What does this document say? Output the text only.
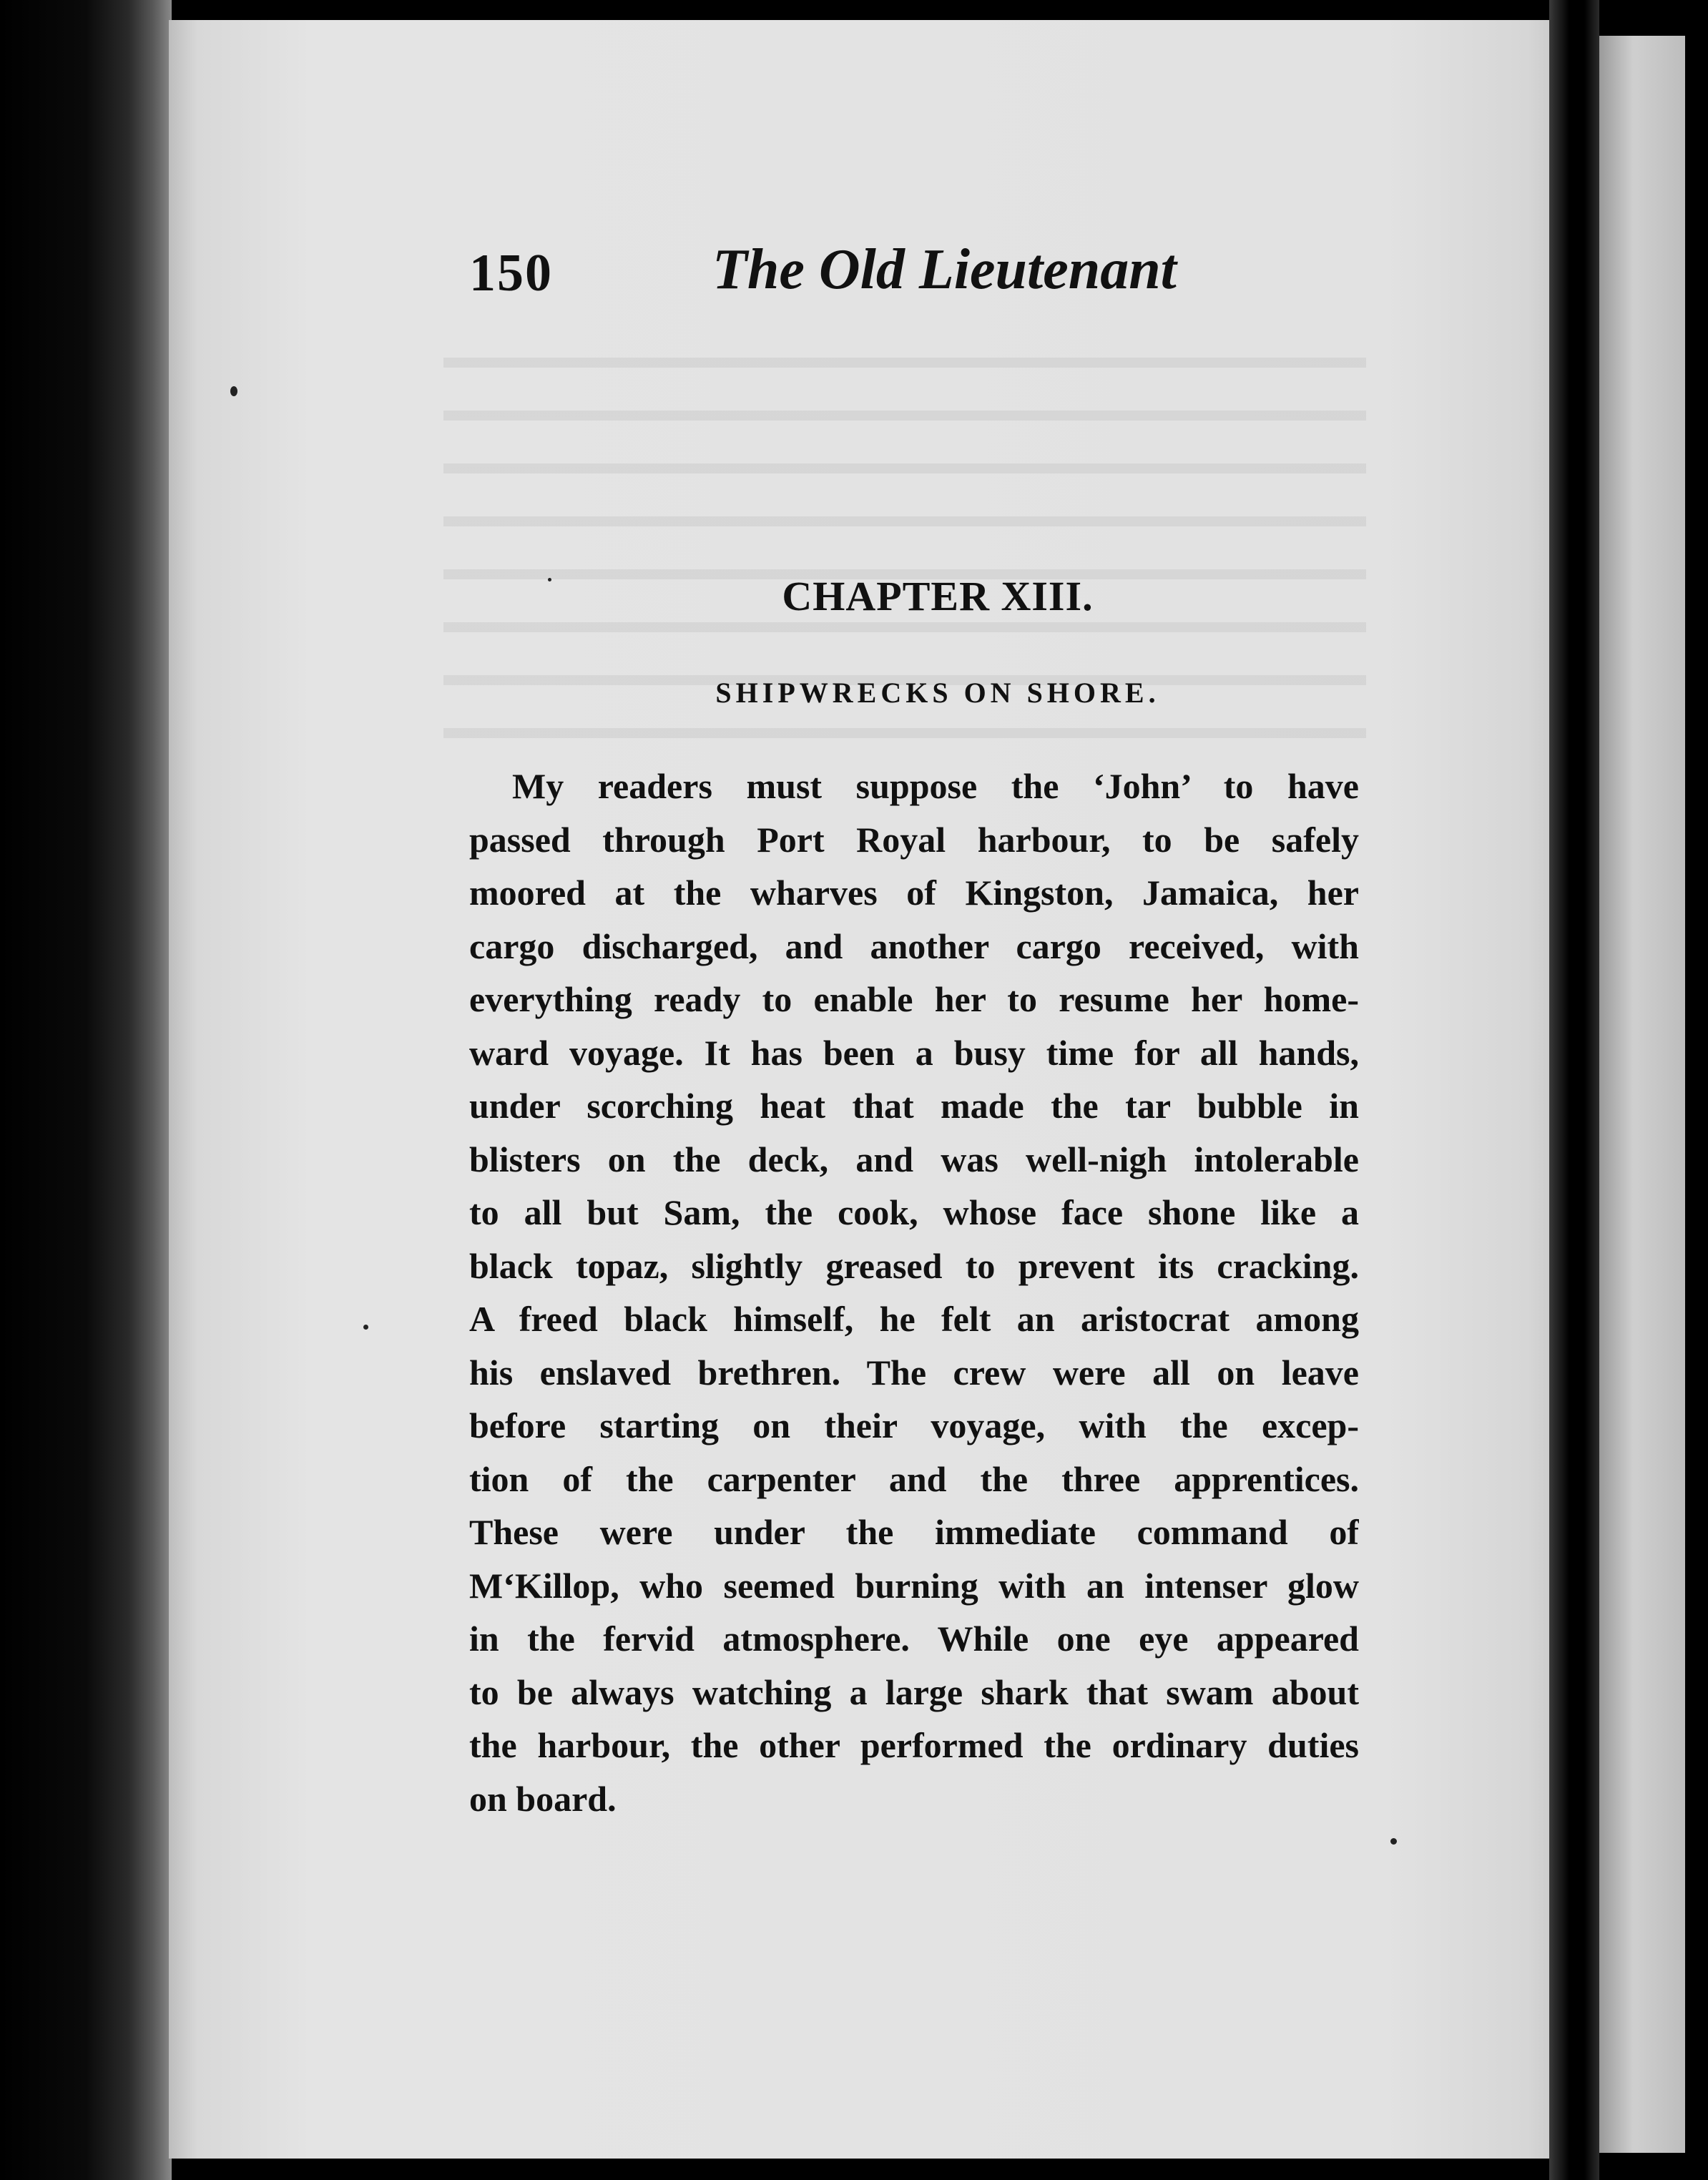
150	The Old Lieutenant
CHAPTER XIII.
SHIPWRECKS ON SHORE.
My readers must suppose the ‘John’ to have
passed through Port Royal harbour, to be safely
moored at the wharves of Kingston, Jamaica, her
cargo discharged, and another cargo received, with
everything ready to enable her to resume her home-
ward voyage. It has been a busy time for all hands,
under scorching heat that made the tar bubble in
blisters on the deck, and was well-nigh intolerable
to all but Sam, the cook, whose face shone like a
black topaz, slightly greased to prevent its cracking.
A freed black himself, he felt an aristocrat among
his enslaved brethren. The crew were all on leave
before starting on their voyage, with the excep-
tion of the carpenter and the three apprentices.
These were under the immediate command of
M‘Killop, who seemed burning with an intenser glow
in the fervid atmosphere. While one eye appeared
to be always watching a large shark that swam about
the harbour, the other performed the ordinary duties
on board.
